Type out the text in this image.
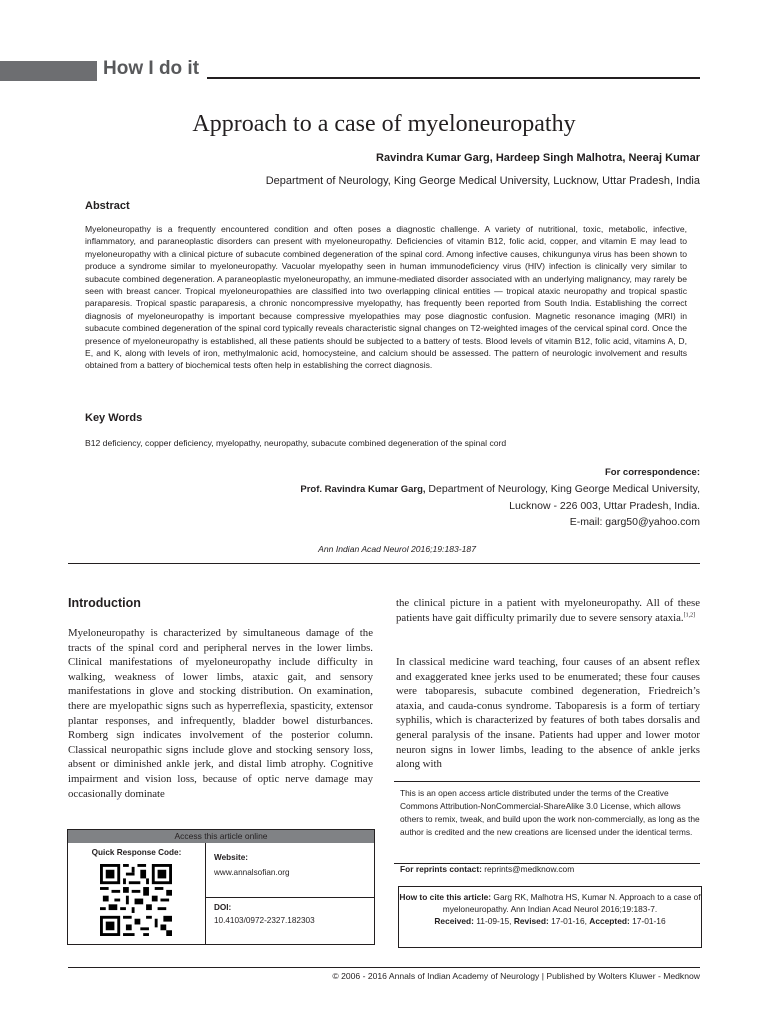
How I do it
Approach to a case of myeloneuropathy
Ravindra Kumar Garg, Hardeep Singh Malhotra, Neeraj Kumar
Department of Neurology, King George Medical University, Lucknow, Uttar Pradesh, India
Abstract
Myeloneuropathy is a frequently encountered condition and often poses a diagnostic challenge. A variety of nutritional, toxic, metabolic, infective, inflammatory, and paraneoplastic disorders can present with myeloneuropathy. Deficiencies of vitamin B12, folic acid, copper, and vitamin E may lead to myeloneuropathy with a clinical picture of subacute combined degeneration of the spinal cord. Among infective causes, chikungunya virus has been shown to produce a syndrome similar to myeloneuropathy. Vacuolar myelopathy seen in human immunodeficiency virus (HIV) infection is clinically very similar to subacute combined degeneration. A paraneoplastic myeloneuropathy, an immune-mediated disorder associated with an underlying malignancy, may rarely be seen with breast cancer. Tropical myeloneuropathies are classified into two overlapping clinical entities — tropical ataxic neuropathy and tropical spastic paraparesis. Tropical spastic paraparesis, a chronic noncompressive myelopathy, has frequently been reported from South India. Establishing the correct diagnosis of myeloneuropathy is important because compressive myelopathies may pose diagnostic confusion. Magnetic resonance imaging (MRI) in subacute combined degeneration of the spinal cord typically reveals characteristic signal changes on T2-weighted images of the cervical spinal cord. Once the presence of myeloneuropathy is established, all these patients should be subjected to a battery of tests. Blood levels of vitamin B12, folic acid, vitamins A, D, E, and K, along with levels of iron, methylmalonic acid, homocysteine, and calcium should be assessed. The pattern of neurologic involvement and results obtained from a battery of biochemical tests often help in establishing the correct diagnosis.
Key Words
B12 deficiency, copper deficiency, myelopathy, neuropathy, subacute combined degeneration of the spinal cord
For correspondence:
Prof. Ravindra Kumar Garg, Department of Neurology, King George Medical University,
Lucknow - 226 003, Uttar Pradesh, India.
E-mail: garg50@yahoo.com
Ann Indian Acad Neurol 2016;19:183-187
Introduction
Myeloneuropathy is characterized by simultaneous damage of the tracts of the spinal cord and peripheral nerves in the lower limbs. Clinical manifestations of myeloneuropathy include difficulty in walking, weakness of lower limbs, ataxic gait, and sensory manifestations in glove and stocking distribution. On examination, there are myelopathic signs such as hyperreflexia, spasticity, extensor plantar responses, and infrequently, bladder bowel disturbances. Romberg sign indicates involvement of the posterior column. Classical neuropathic signs include glove and stocking sensory loss, absent or diminished ankle jerk, and distal limb atrophy. Cognitive impairment and vision loss, because of optic nerve damage may occasionally dominate
the clinical picture in a patient with myeloneuropathy. All of these patients have gait difficulty primarily due to severe sensory ataxia.[1,2]
In classical medicine ward teaching, four causes of an absent reflex and exaggerated knee jerks used to be enumerated; these four causes were taboparesis, subacute combined degeneration, Friedreich’s ataxia, and cauda-conus syndrome. Taboparesis is a form of tertiary syphilis, which is characterized by features of both tabes dorsalis and general paralysis of the insane. Patients had upper and lower motor neuron signs in lower limbs, leading to the absence of ankle jerks along with
Access this article online
Quick Response Code:
Website:
www.annalsofian.org
DOI:
10.4103/0972-2327.182303
This is an open access article distributed under the terms of the Creative Commons Attribution-NonCommercial-ShareAlike 3.0 License, which allows others to remix, tweak, and build upon the work non-commercially, as long as the author is credited and the new creations are licensed under the identical terms.
For reprints contact: reprints@medknow.com
How to cite this article: Garg RK, Malhotra HS, Kumar N. Approach to a case of myeloneuropathy. Ann Indian Acad Neurol 2016;19:183-7.
Received: 11-09-15, Revised: 17-01-16, Accepted: 17-01-16
© 2006 - 2016 Annals of Indian Academy of Neurology | Published by Wolters Kluwer - Medknow
